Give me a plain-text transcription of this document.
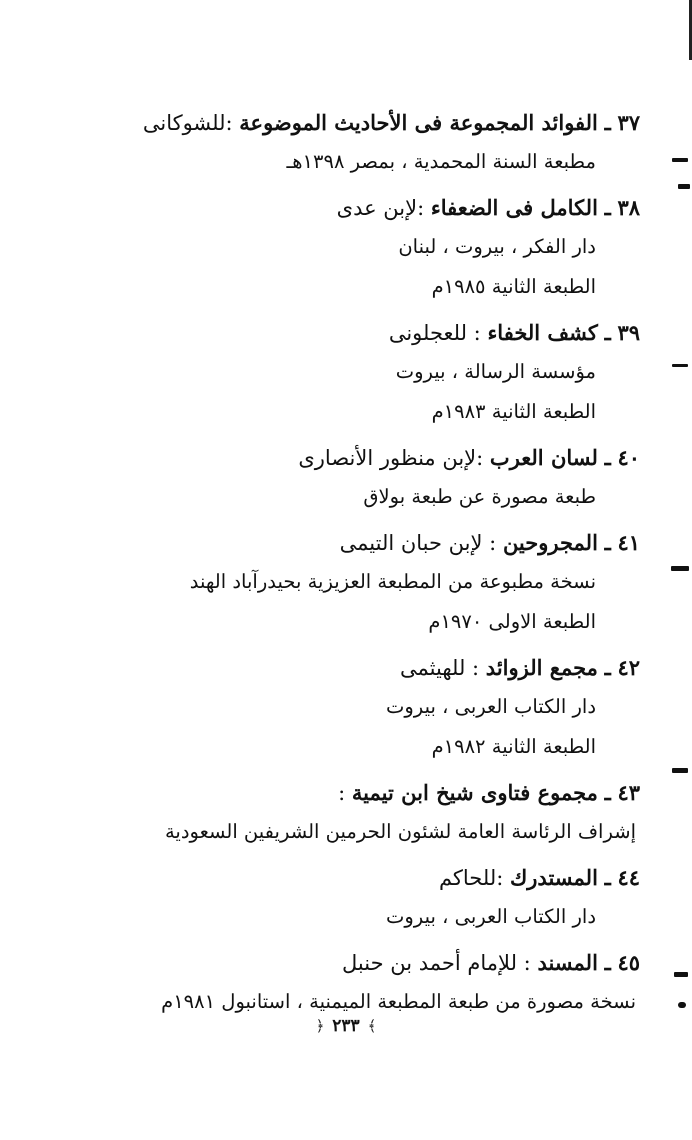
٣٧ ـ الفوائد المجموعة فى الأحاديث الموضوعة :للشوكانى
مطبعة السنة المحمدية ، بمصر ١٣٩٨هـ
٣٨ ـ الكامل فى الضعفاء :لإبن عدى
دار الفكر ، بيروت ، لبنان
الطبعة الثانية ١٩٨٥م
٣٩ ـ كشف الخفاء : للعجلونى
مؤسسة الرسالة ، بيروت
الطبعة الثانية ١٩٨٣م
٤٠ ـ لسان العرب :لإبن منظور الأنصارى
طبعة مصورة عن طبعة بولاق
٤١ ـ المجروحين : لإبن حبان التيمى
نسخة مطبوعة من المطبعة العزيزية بحيدرآباد الهند
الطبعة الاولى ١٩٧٠م
٤٢ ـ مجمع الزوائد : للهيثمى
دار الكتاب العربى ، بيروت
الطبعة الثانية ١٩٨٢م
٤٣ ـ مجموع فتاوى شيخ ابن تيمية :
إشراف الرئاسة العامة لشئون الحرمين الشريفين السعودية
٤٤ ـ المستدرك :للحاكم
دار الكتاب العربى ، بيروت
٤٥ ـ المسند : للإمام أحمد بن حنبل
نسخة مصورة من طبعة المطبعة الميمنية ، استانبول ١٩٨١م
﴾ ٢٣٣ ﴿
